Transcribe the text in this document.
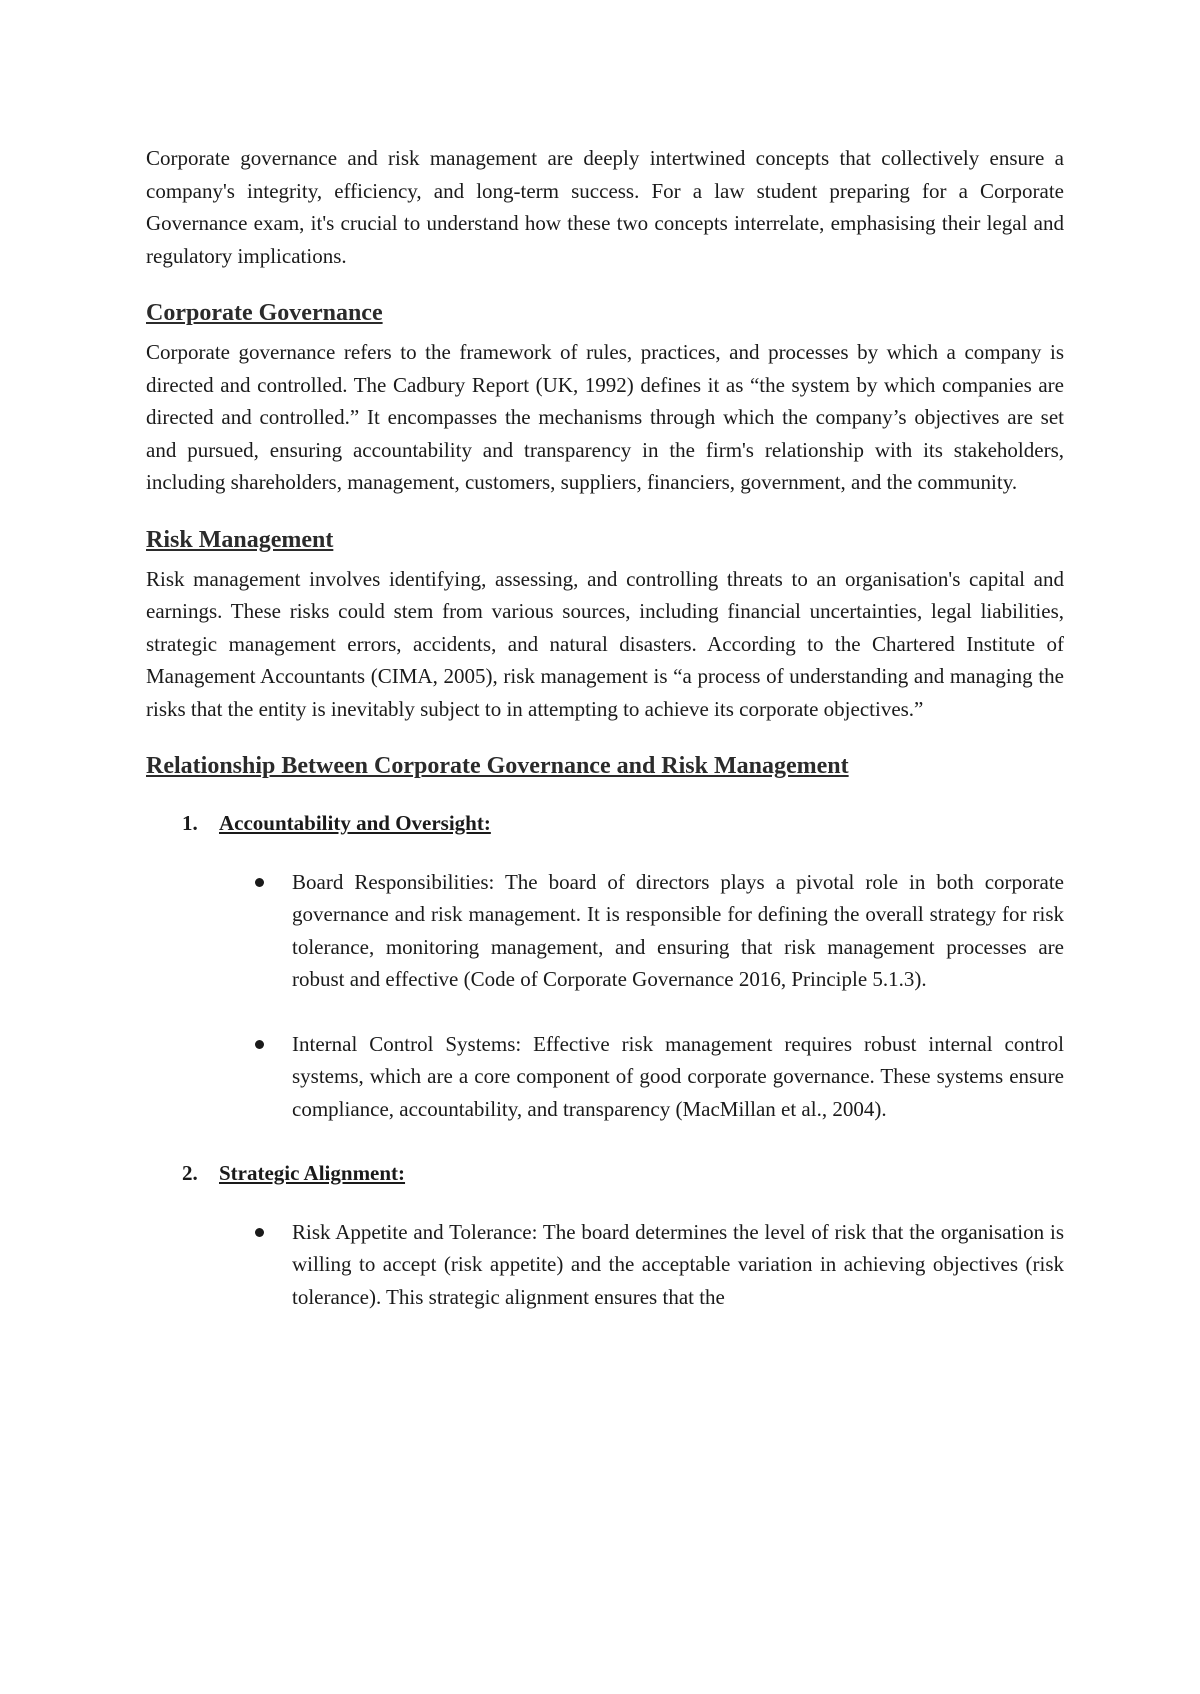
Corporate governance and risk management are deeply intertwined concepts that collectively ensure a company's integrity, efficiency, and long-term success. For a law student preparing for a Corporate Governance exam, it's crucial to understand how these two concepts interrelate, emphasising their legal and regulatory implications.

Corporate Governance

Corporate governance refers to the framework of rules, practices, and processes by which a company is directed and controlled. The Cadbury Report (UK, 1992) defines it as “the system by which companies are directed and controlled.” It encompasses the mechanisms through which the company’s objectives are set and pursued, ensuring accountability and transparency in the firm's relationship with its stakeholders, including shareholders, management, customers, suppliers, financiers, government, and the community.

Risk Management

Risk management involves identifying, assessing, and controlling threats to an organisation's capital and earnings. These risks could stem from various sources, including financial uncertainties, legal liabilities, strategic management errors, accidents, and natural disasters. According to the Chartered Institute of Management Accountants (CIMA, 2005), risk management is “a process of understanding and managing the risks that the entity is inevitably subject to in attempting to achieve its corporate objectives.”

Relationship Between Corporate Governance and Risk Management
1. Accountability and Oversight:
Board Responsibilities: The board of directors plays a pivotal role in both corporate governance and risk management. It is responsible for defining the overall strategy for risk tolerance, monitoring management, and ensuring that risk management processes are robust and effective (Code of Corporate Governance 2016, Principle 5.1.3).
Internal Control Systems: Effective risk management requires robust internal control systems, which are a core component of good corporate governance. These systems ensure compliance, accountability, and transparency (MacMillan et al., 2004).
2. Strategic Alignment:
Risk Appetite and Tolerance: The board determines the level of risk that the organisation is willing to accept (risk appetite) and the acceptable variation in achieving objectives (risk tolerance). This strategic alignment ensures that the
